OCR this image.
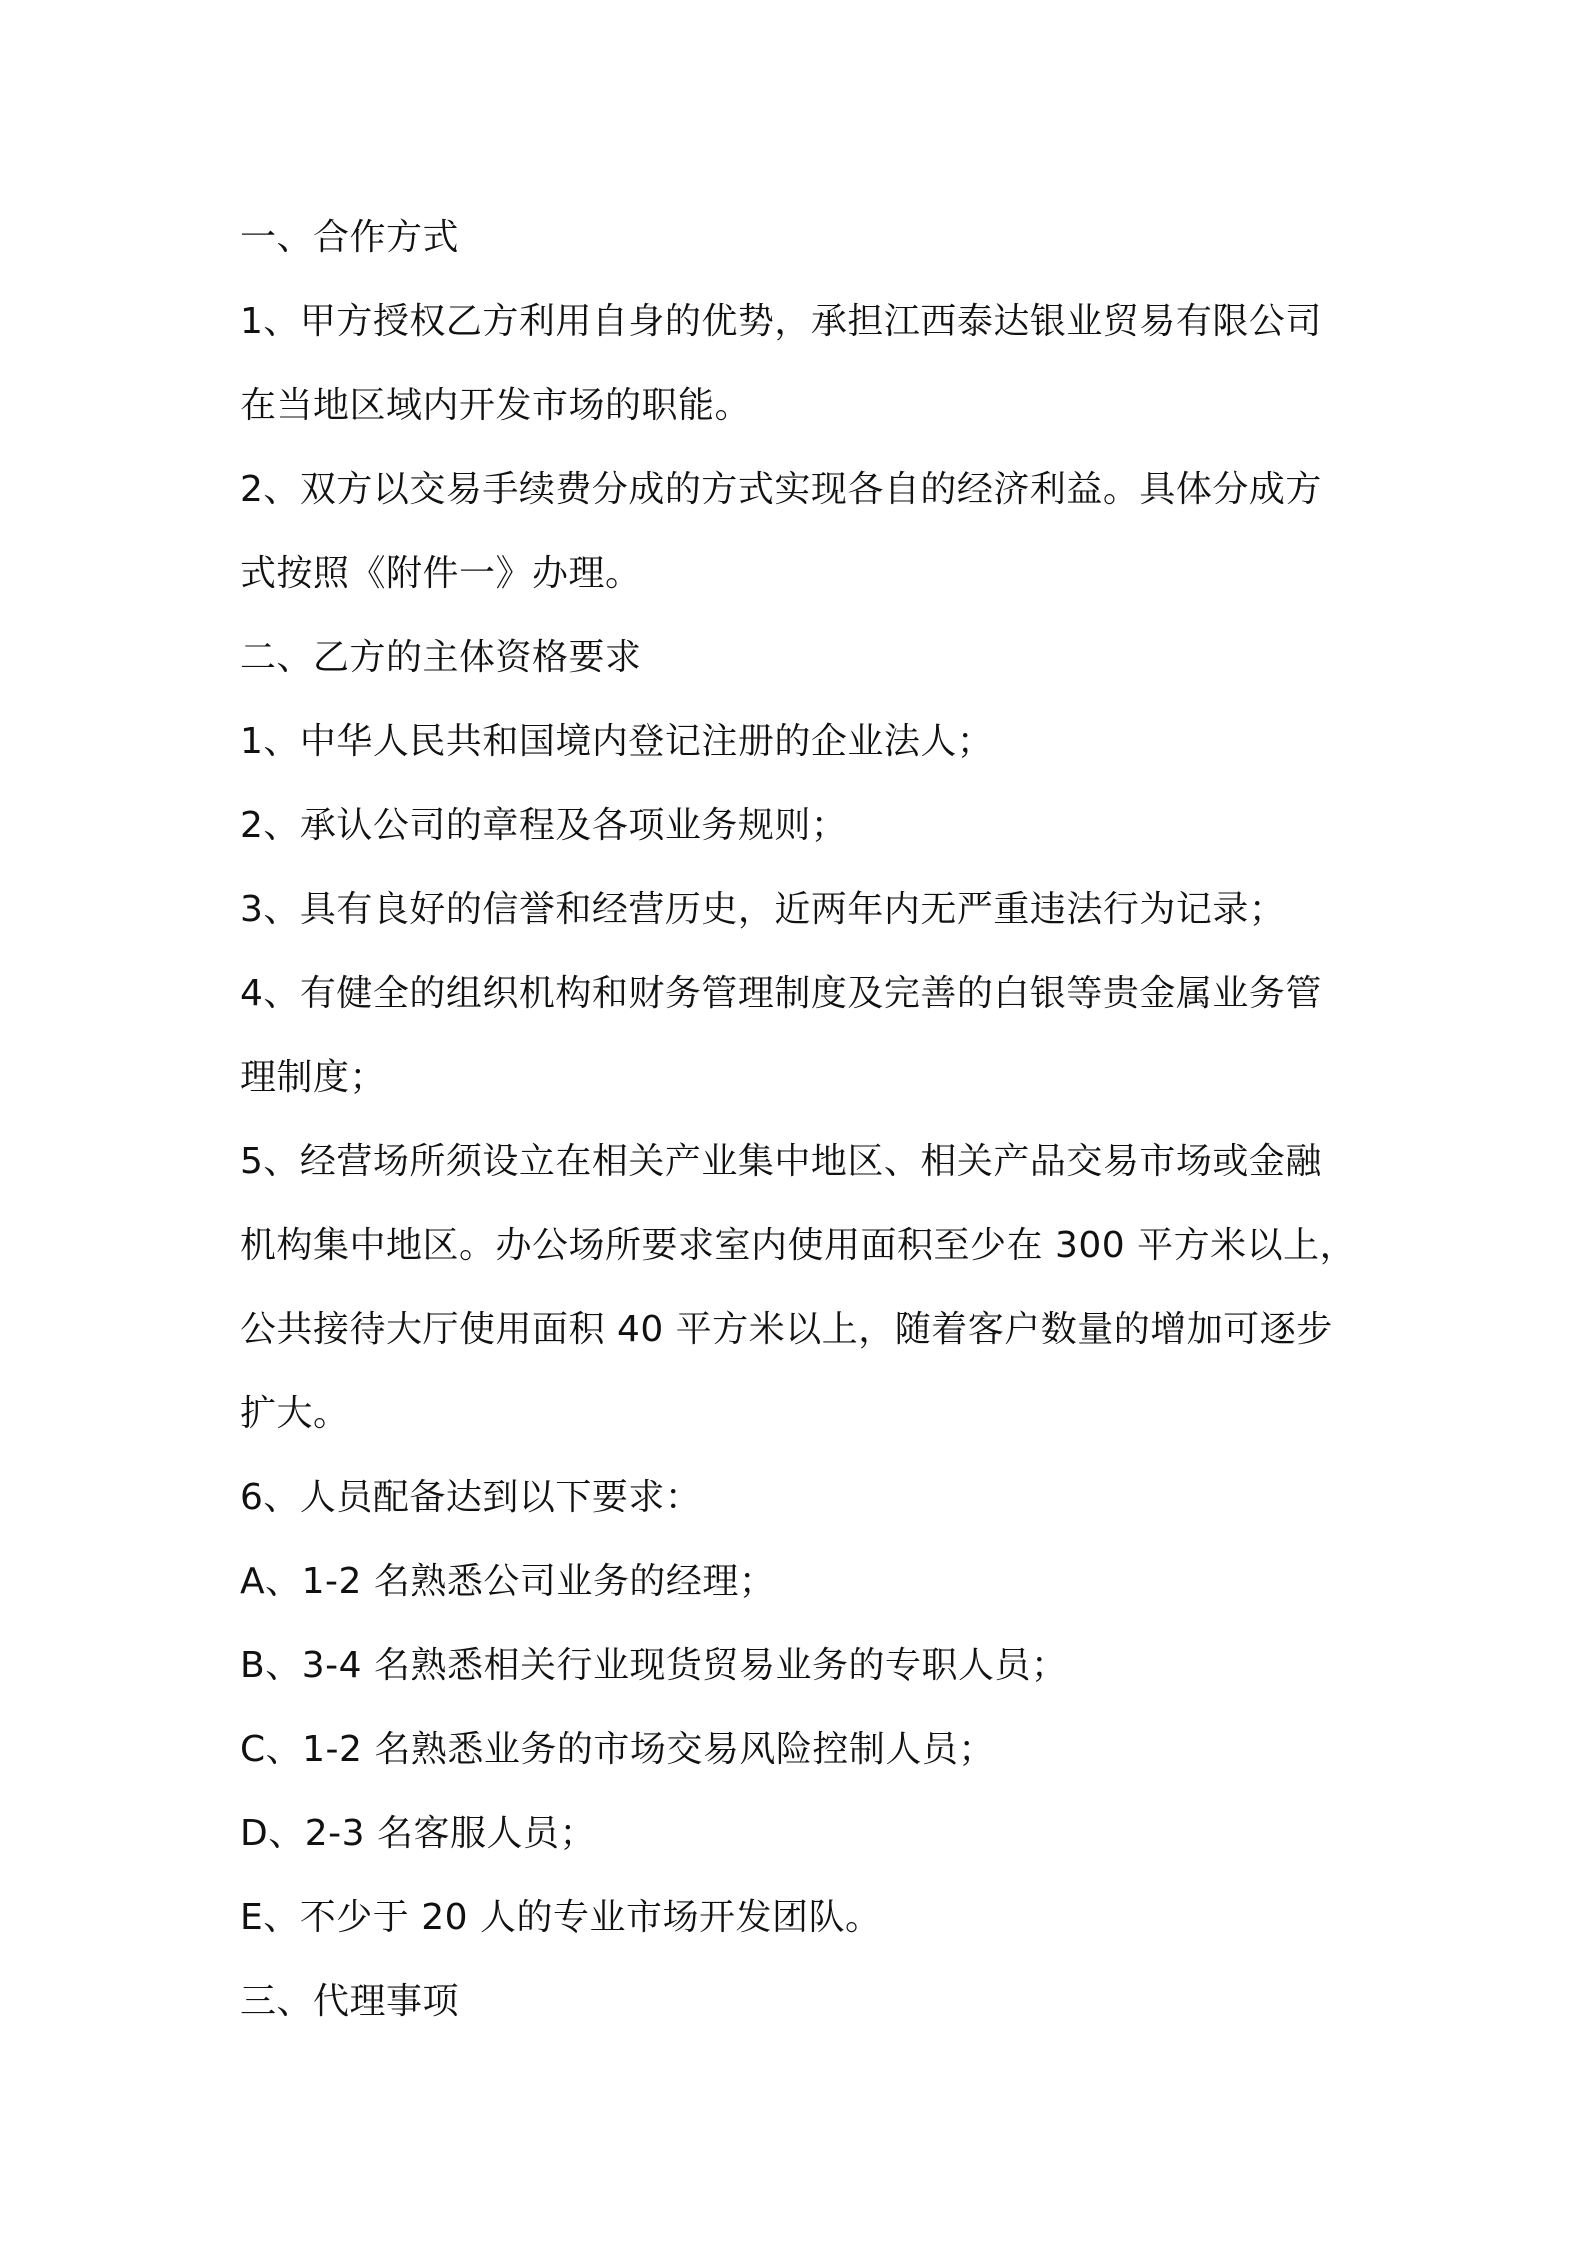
一、合作方式

1、甲方授权乙方利用自身的优势，承担江西泰达银业贸易有限公司

在当地区域内开发市场的职能。

2、双方以交易手续费分成的方式实现各自的经济利益。具体分成方

式按照《附件一》办理。

二、乙方的主体资格要求

1、中华人民共和国境内登记注册的企业法人；

2、承认公司的章程及各项业务规则；

3、具有良好的信誉和经营历史，近两年内无严重违法行为记录；

4、有健全的组织机构和财务管理制度及完善的白银等贵金属业务管

理制度；

5、经营场所须设立在相关产业集中地区、相关产品交易市场或金融

机构集中地区。办公场所要求室内使用面积至少在 300 平方米以上，

公共接待大厅使用面积 40 平方米以上，随着客户数量的增加可逐步

扩大。

6、人员配备达到以下要求：

A、1-2 名熟悉公司业务的经理；

B、3-4 名熟悉相关行业现货贸易业务的专职人员；

C、1-2 名熟悉业务的市场交易风险控制人员；

D、2-3 名客服人员；

E、不少于 20 人的专业市场开发团队。

三、代理事项
